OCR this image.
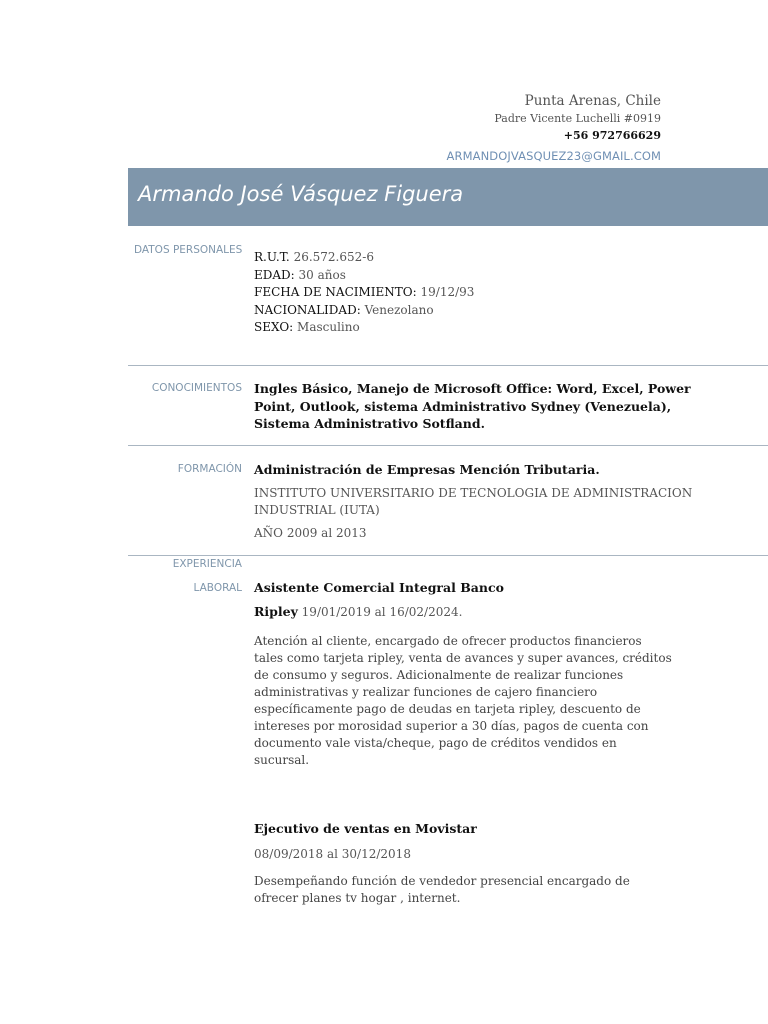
Punta Arenas, Chile
Padre Vicente Luchelli #0919
+56 972766629
ARMANDOJVASQUEZ23@GMAIL.COM
Armando José Vásquez Figuera
DATOS PERSONALES R.U.T. 26.572.652-6
EDAD: 30 años
FECHA DE NACIMIENTO: 19/12/93
NACIONALIDAD: Venezolano
SEXO: Masculino
CONOCIMIENTOS Ingles Básico, Manejo de Microsoft Office: Word, Excel, Power Point, Outlook, sistema Administrativo Sydney (Venezuela), Sistema Administrativo Sotfland.
FORMACIÓN Administración de Empresas Mención Tributaria.
INSTITUTO UNIVERSITARIO DE TECNOLOGIA DE ADMINISTRACION INDUSTRIAL (IUTA)
AÑO 2009 al 2013
EXPERIENCIA
LABORAL Asistente Comercial Integral Banco
Ripley 19/01/2019 al 16/02/2024.
Atención al cliente, encargado de ofrecer productos financieros tales como tarjeta ripley, venta de avances y super avances, créditos de consumo y seguros. Adicionalmente de realizar funciones administrativas y realizar funciones de cajero financiero específicamente pago de deudas en tarjeta ripley, descuento de intereses por morosidad superior a 30 días, pagos de cuenta con documento vale vista/cheque, pago de créditos vendidos en sucursal.
Ejecutivo de ventas en Movistar
08/09/2018 al 30/12/2018
Desempeñando función de vendedor presencial encargado de ofrecer planes tv hogar , internet.
